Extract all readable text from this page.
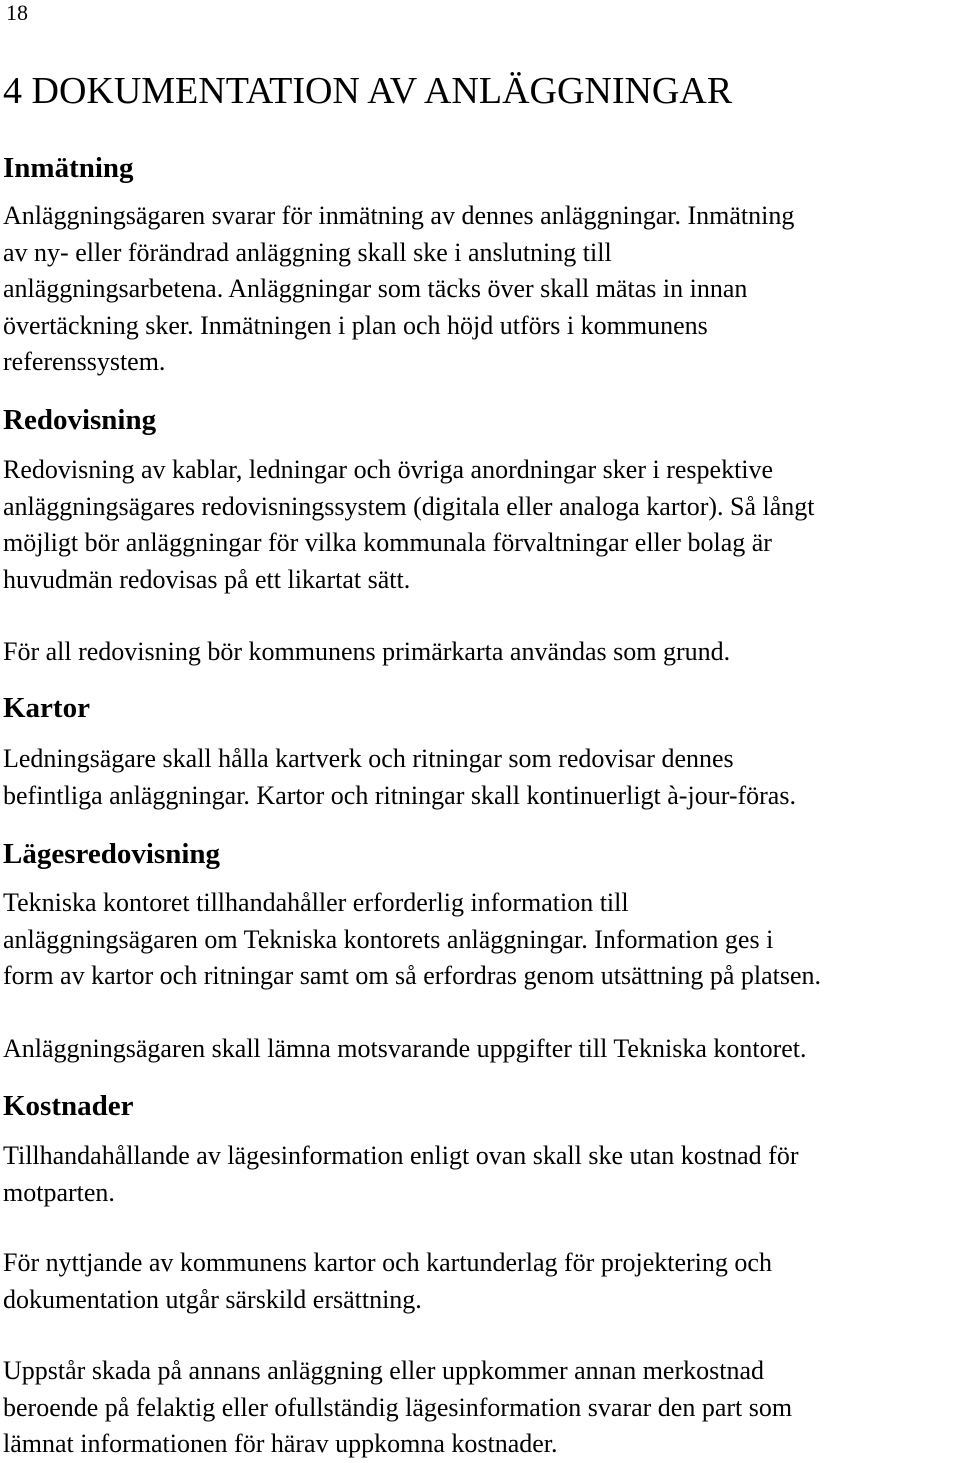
18
4 DOKUMENTATION AV ANLÄGGNINGAR
Inmätning

Anläggningsägaren svarar för inmätning av dennes anläggningar. Inmätning
av ny- eller förändrad anläggning skall ske i anslutning till
anläggningsarbetena. Anläggningar som täcks över skall mätas in innan
övertäckning sker. Inmätningen i plan och höjd utförs i kommunens
referenssystem.

Redovisning

Redovisning av kablar, ledningar och övriga anordningar sker i respektive
anläggningsägares redovisningssystem (digitala eller analoga kartor). Så långt
möjligt bör anläggningar för vilka kommunala förvaltningar eller bolag är
huvudmän redovisas på ett likartat sätt.

För all redovisning bör kommunens primärkarta användas som grund.

Kartor

Ledningsägare skall hålla kartverk och ritningar som redovisar dennes
befintliga anläggningar. Kartor och ritningar skall kontinuerligt à-jour-föras.

Lägesredovisning

Tekniska kontoret tillhandahåller erforderlig information till
anläggningsägaren om Tekniska kontorets anläggningar. Information ges i
form av kartor och ritningar samt om så erfordras genom utsättning på platsen.

Anläggningsägaren skall lämna motsvarande uppgifter till Tekniska kontoret.

Kostnader

Tillhandahållande av lägesinformation enligt ovan skall ske utan kostnad för
motparten.

För nyttjande av kommunens kartor och kartunderlag för projektering och
dokumentation utgår särskild ersättning.

Uppstår skada på annans anläggning eller uppkommer annan merkostnad
beroende på felaktig eller ofullständig lägesinformation svarar den part som
lämnat informationen för härav uppkomna kostnader.
